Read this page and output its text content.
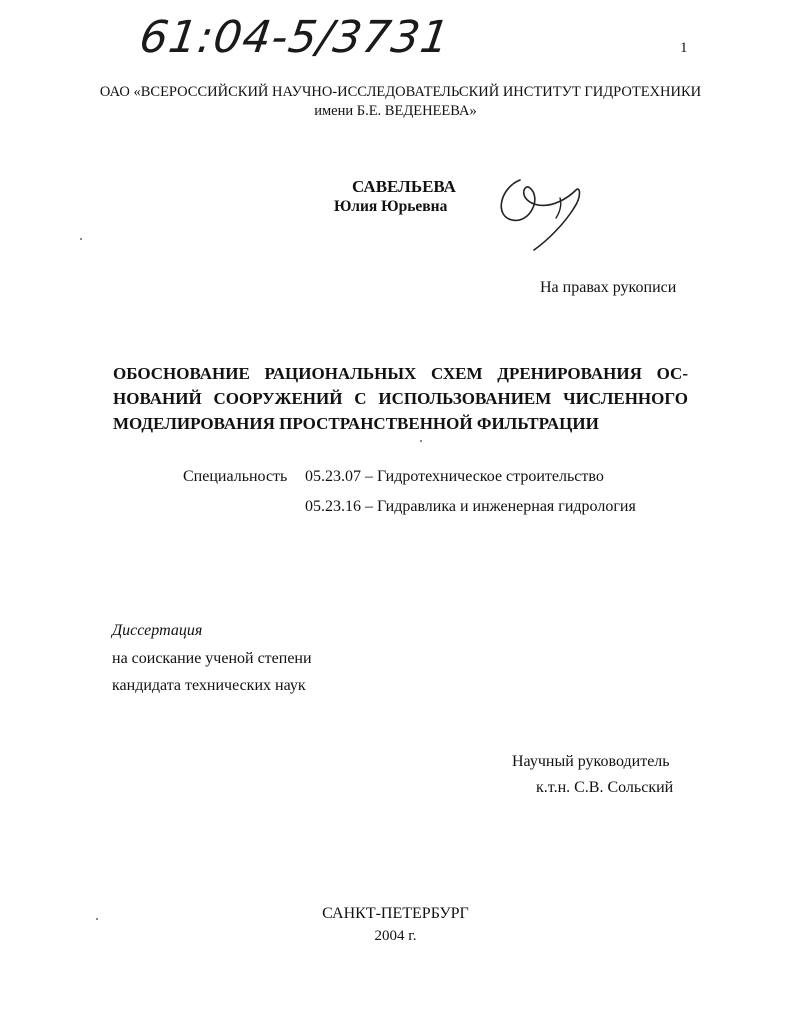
61:04-5/3731	1
ОАО «ВСЕРОССИЙСКИЙ НАУЧНО-ИССЛЕДОВАТЕЛЬСКИЙ ИНСТИТУТ ГИДРОТЕХНИКИ
имени Б.Е. ВЕДЕНЕЕВА»
САВЕЛЬЕВА
Юлия Юрьевна
На правах рукописи
ОБОСНОВАНИЕ РАЦИОНАЛЬНЫХ СХЕМ ДРЕНИРОВАНИЯ ОС-
НОВАНИЙ СООРУЖЕНИЙ С ИСПОЛЬЗОВАНИЕМ ЧИСЛЕННОГО
МОДЕЛИРОВАНИЯ ПРОСТРАНСТВЕННОЙ ФИЛЬТРАЦИИ
Специальность 05.23.07 – Гидротехническое строительство
05.23.16 – Гидравлика и инженерная гидрология
Диссертация
на соискание ученой степени
кандидата технических наук
Научный руководитель
к.т.н. С.В. Сольский
САНКТ-ПЕТЕРБУРГ
2004 г.
